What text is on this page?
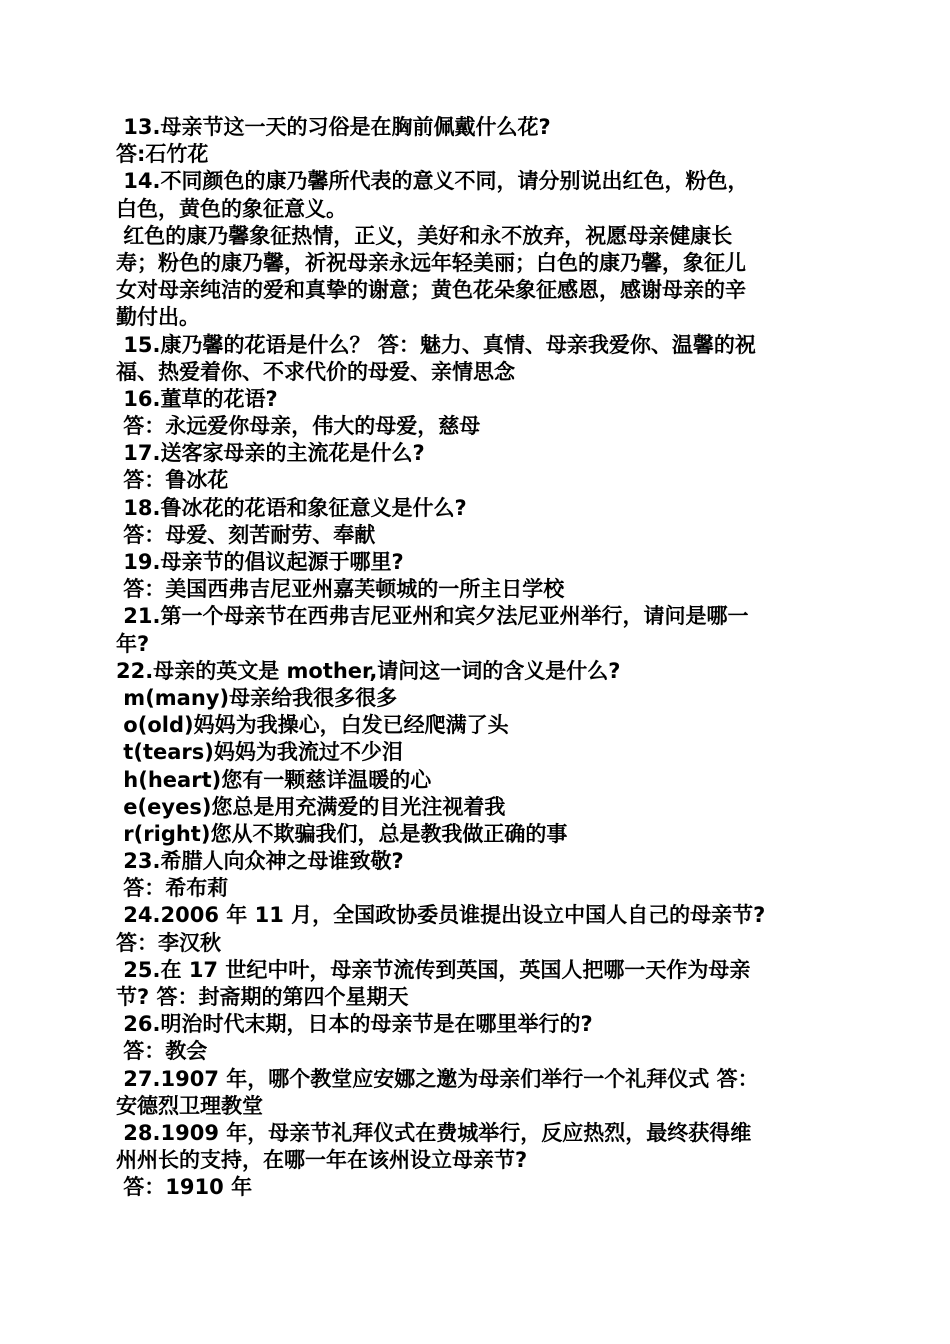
13.母亲节这一天的习俗是在胸前佩戴什么花?
答:石竹花
14.不同颜色的康乃馨所代表的意义不同，请分别说出红色，粉色，
白色，黄色的象征意义。
红色的康乃馨象征热情，正义，美好和永不放弃，祝愿母亲健康长
寿；粉色的康乃馨，祈祝母亲永远年轻美丽；白色的康乃馨，象征儿
女对母亲纯洁的爱和真挚的谢意；黄色花朵象征感恩，感谢母亲的辛
勤付出。
15.康乃馨的花语是什么？ 答：魅力、真情、母亲我爱你、温馨的祝
福、热爱着你、不求代价的母爱、亲情思念
16.董草的花语?
答：永远爱你母亲，伟大的母爱，慈母
17.送客家母亲的主流花是什么?
答：鲁冰花
18.鲁冰花的花语和象征意义是什么?
答：母爱、刻苦耐劳、奉献
19.母亲节的倡议起源于哪里?
答：美国西弗吉尼亚州嘉芙顿城的一所主日学校
21.第一个母亲节在西弗吉尼亚州和宾夕法尼亚州举行，请问是哪一
年?
22.母亲的英文是 mother,请问这一词的含义是什么?
m(many)母亲给我很多很多
o(old)妈妈为我操心，白发已经爬满了头
t(tears)妈妈为我流过不少泪
h(heart)您有一颗慈详温暖的心
e(eyes)您总是用充满爱的目光注视着我
r(right)您从不欺骗我们，总是教我做正确的事
23.希腊人向众神之母谁致敬?
答：希布莉
24.2006 年 11 月，全国政协委员谁提出设立中国人自己的母亲节?
答：李汉秋
25.在 17 世纪中叶，母亲节流传到英国，英国人把哪一天作为母亲
节? 答：封斋期的第四个星期天
26.明治时代末期，日本的母亲节是在哪里举行的?
答：教会
27.1907 年，哪个教堂应安娜之邀为母亲们举行一个礼拜仪式 答：
安德烈卫理教堂
28.1909 年，母亲节礼拜仪式在费城举行，反应热烈，最终获得维
州州长的支持，在哪一年在该州设立母亲节?
答：1910 年
